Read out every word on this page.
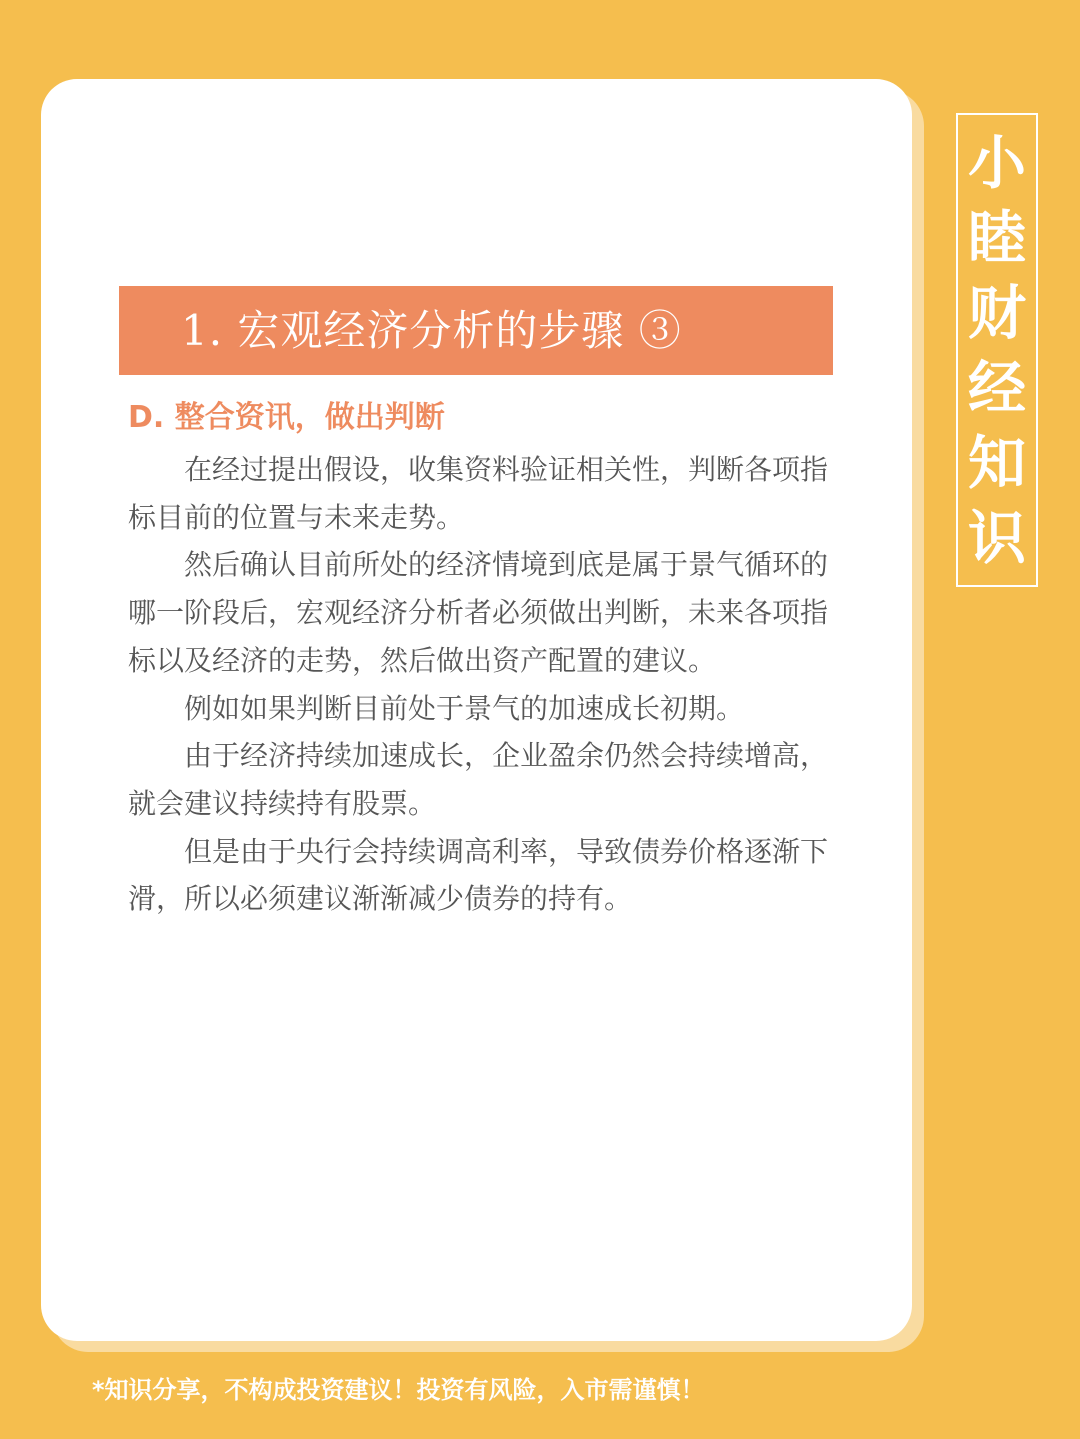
1. 宏观经济分析的步骤 ③
D. 整合资讯，做出判断

在经过提出假设，收集资料验证相关性，判断各项指标目前的位置与未来走势。

然后确认目前所处的经济情境到底是属于景气循环的哪一阶段后，宏观经济分析者必须做出判断，未来各项指标以及经济的走势，然后做出资产配置的建议。

例如如果判断目前处于景气的加速成长初期。

由于经济持续加速成长，企业盈余仍然会持续增高，就会建议持续持有股票。

但是由于央行会持续调高利率，导致债券价格逐渐下滑，所以必须建议渐渐减少债券的持有。

小
睦
财
经
知
识
*知识分享，不构成投资建议！投资有风险，入市需谨慎！
